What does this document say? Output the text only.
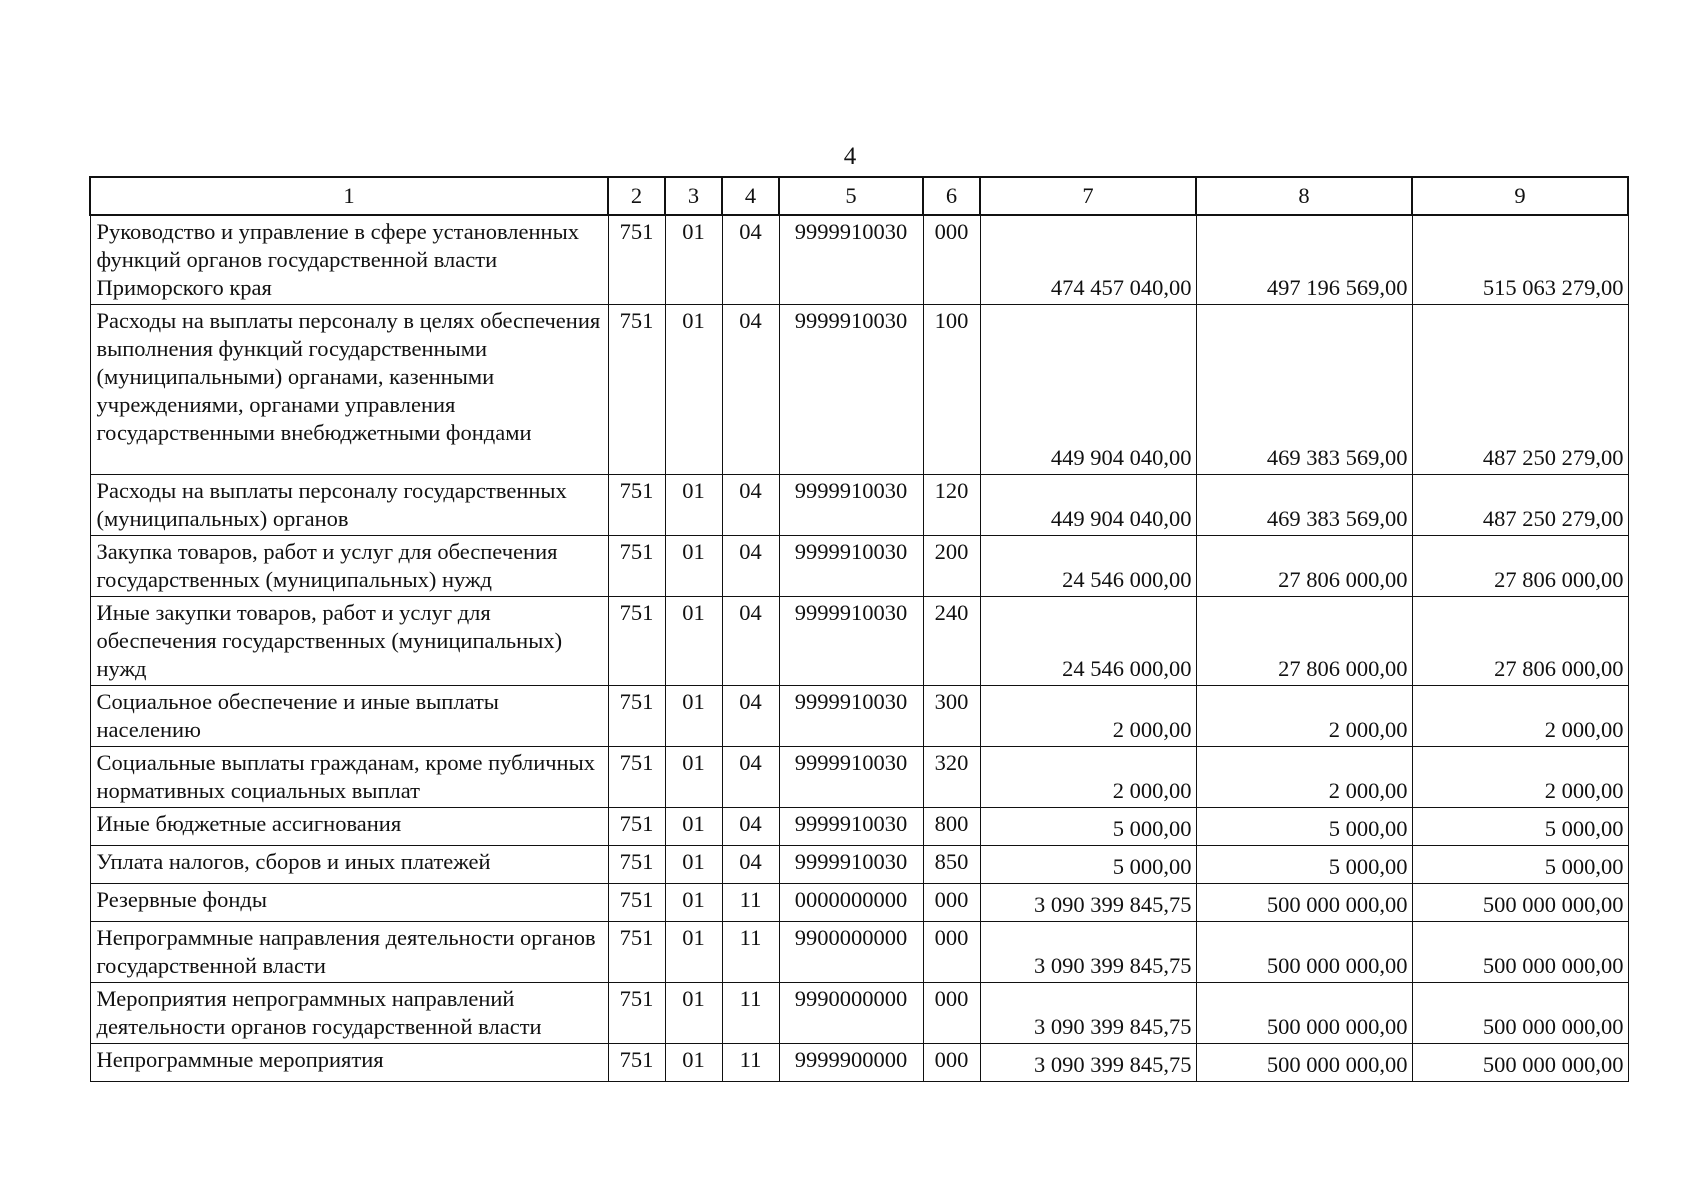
4
1	2	3	4	5	6	7	8	9
Руководство и управление в сфере установленных функций органов государственной власти Приморского края	751	01	04	9999910030	000	474 457 040,00	497 196 569,00	515 063 279,00
Расходы на выплаты персоналу в целях обеспечения выполнения функций государственными (муниципальными) органами, казенными учреждениями, органами управления государственными внебюджетными фондами	751	01	04	9999910030	100	449 904 040,00	469 383 569,00	487 250 279,00
Расходы на выплаты персоналу государственных (муниципальных) органов	751	01	04	9999910030	120	449 904 040,00	469 383 569,00	487 250 279,00
Закупка товаров, работ и услуг для обеспечения государственных (муниципальных) нужд	751	01	04	9999910030	200	24 546 000,00	27 806 000,00	27 806 000,00
Иные закупки товаров, работ и услуг для обеспечения государственных (муниципальных) нужд	751	01	04	9999910030	240	24 546 000,00	27 806 000,00	27 806 000,00
Социальное обеспечение и иные выплаты населению	751	01	04	9999910030	300	2 000,00	2 000,00	2 000,00
Социальные выплаты гражданам, кроме публичных нормативных социальных выплат	751	01	04	9999910030	320	2 000,00	2 000,00	2 000,00
Иные бюджетные ассигнования	751	01	04	9999910030	800	5 000,00	5 000,00	5 000,00
Уплата налогов, сборов и иных платежей	751	01	04	9999910030	850	5 000,00	5 000,00	5 000,00
Резервные фонды	751	01	11	0000000000	000	3 090 399 845,75	500 000 000,00	500 000 000,00
Непрограммные направления деятельности органов государственной власти	751	01	11	9900000000	000	3 090 399 845,75	500 000 000,00	500 000 000,00
Мероприятия непрограммных направлений деятельности органов государственной власти	751	01	11	9990000000	000	3 090 399 845,75	500 000 000,00	500 000 000,00
Непрограммные мероприятия	751	01	11	9999900000	000	3 090 399 845,75	500 000 000,00	500 000 000,00
